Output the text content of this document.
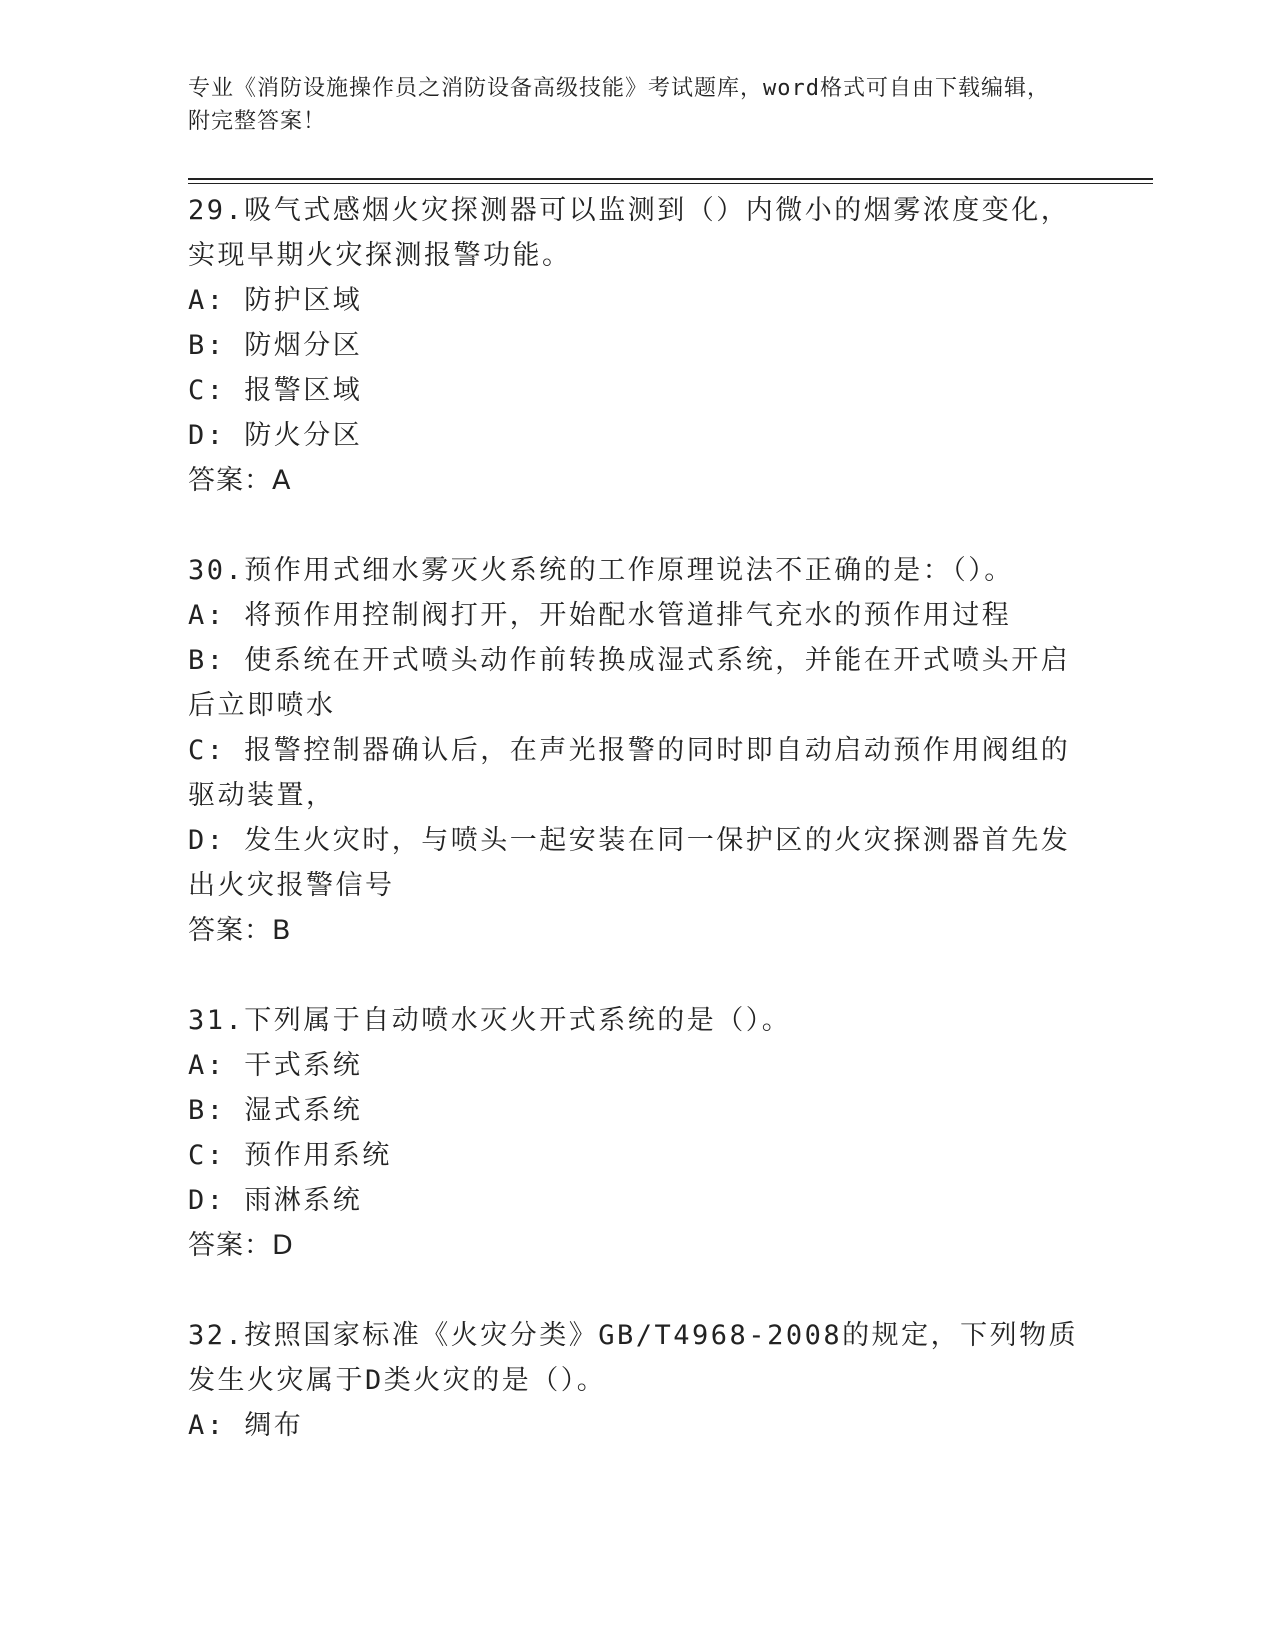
专业《消防设施操作员之消防设备高级技能》考试题库，word格式可自由下载编辑，附完整答案！
29.吸气式感烟火灾探测器可以监测到（）内微小的烟雾浓度变化，实现早期火灾探测报警功能。
A: 防护区域
B: 防烟分区
C: 报警区域
D: 防火分区
答案：A
30.预作用式细水雾灭火系统的工作原理说法不正确的是：（）。
A: 将预作用控制阀打开，开始配水管道排气充水的预作用过程
B: 使系统在开式喷头动作前转换成湿式系统，并能在开式喷头开启后立即喷水
C: 报警控制器确认后，在声光报警的同时即自动启动预作用阀组的驱动装置，
D: 发生火灾时，与喷头一起安装在同一保护区的火灾探测器首先发出火灾报警信号
答案：B
31.下列属于自动喷水灭火开式系统的是（）。
A: 干式系统
B: 湿式系统
C: 预作用系统
D: 雨淋系统
答案：D
32.按照国家标准《火灾分类》GB/T4968-2008的规定，下列物质发生火灾属于D类火灾的是（）。
A: 绸布
